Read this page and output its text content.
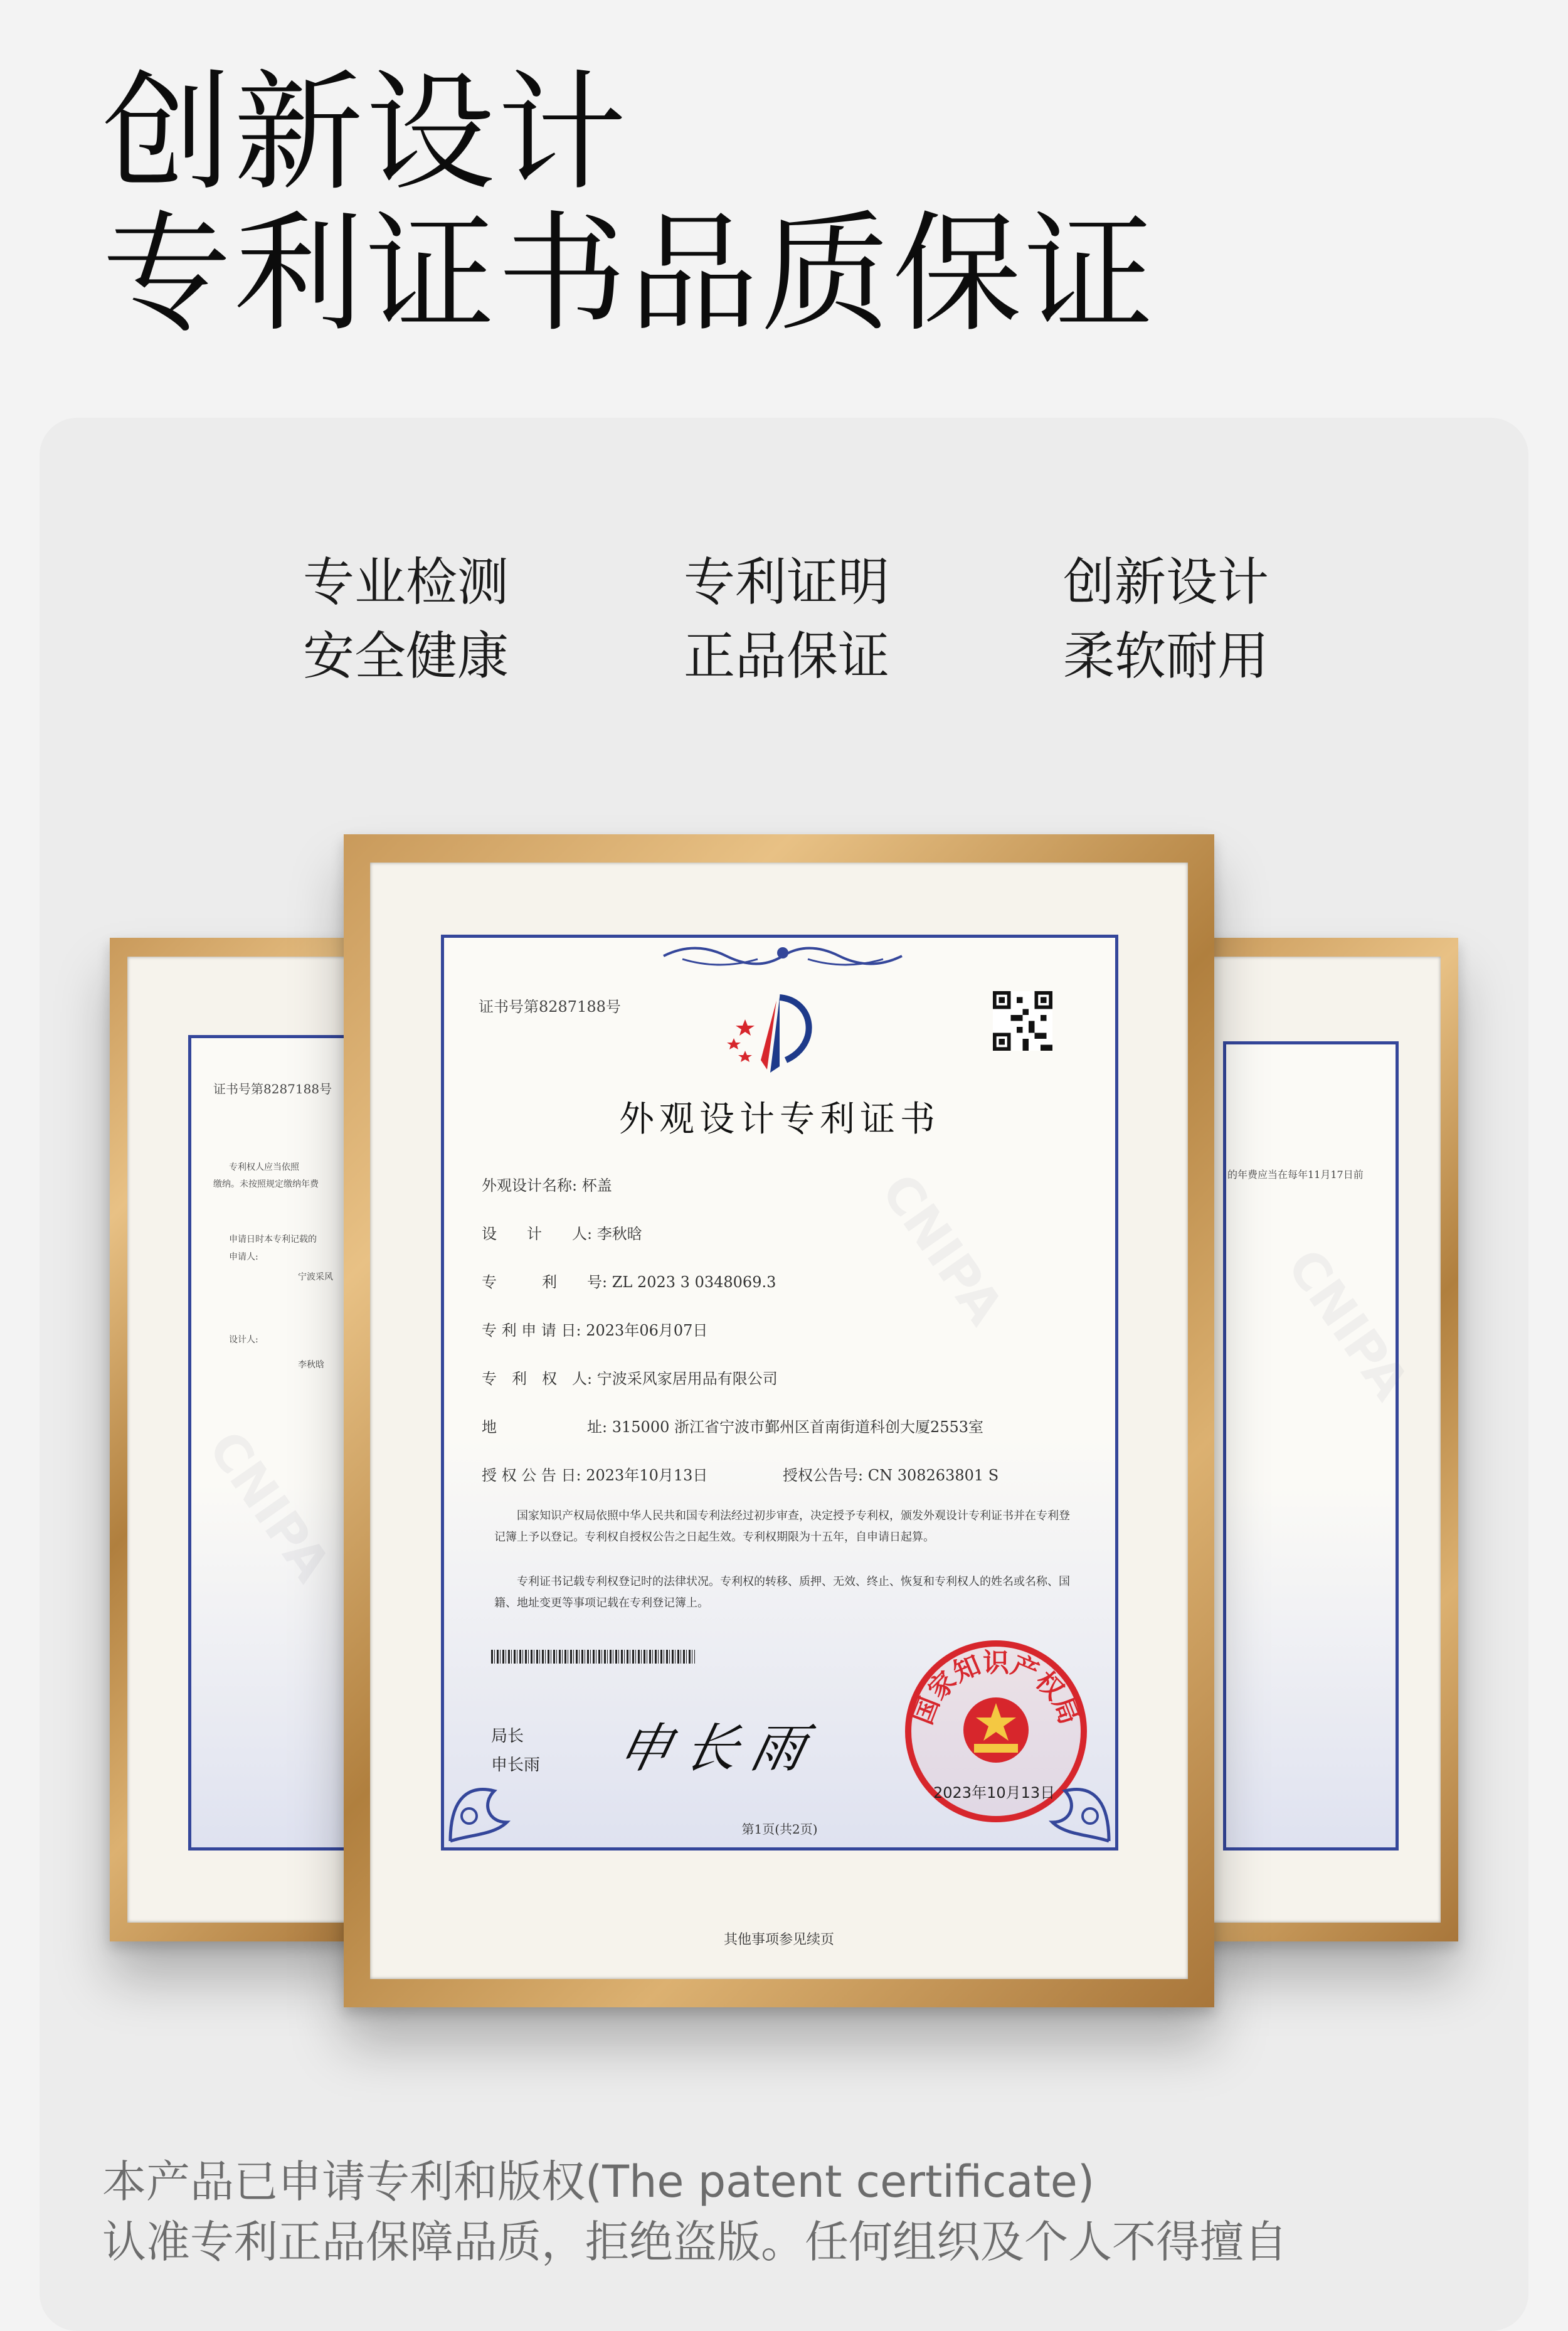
创新设计
专利证书品质保证
专业检测
安全健康
专利证明
正品保证
创新设计
柔软耐用
的年费应当在每年11月17日前
CNIPA
证书号第8287188号
专利权人应当依照
缴纳。未按照规定缴纳年费
申请日时本专利记载的
申请人:
宁波采风
设计人:
李秋晗
CNIPA
证书号第8287188号
外观设计专利证书
外观设计名称: 杯盖
设　　计　　人: 李秋晗
专　　　利　　号: ZL 2023 3 0348069.3
专 利 申 请 日: 2023年06月07日
专　利　权　人: 宁波采风家居用品有限公司
地　　　　　　址: 315000 浙江省宁波市鄞州区首南街道科创大厦2553室
授 权 公 告 日: 2023年10月13日	授权公告号: CN 308263801 S
国家知识产权局依照中华人民共和国专利法经过初步审查，决定授予专利权，颁发外观设计专利证书并在专利登记簿上予以登记。专利权自授权公告之日起生效。专利权期限为十五年，自申请日起算。
专利证书记载专利权登记时的法律状况。专利权的转移、质押、无效、终止、恢复和专利权人的姓名或名称、国籍、地址变更等事项记载在专利登记簿上。
局长
申长雨 申长雨
国家知识产权局
2023年10月13日
第1页(共2页)
CNIPA
其他事项参见续页
本产品已申请专利和版权(The patent certificate)
认准专利正品保障品质，拒绝盗版。任何组织及个人不得擅自
